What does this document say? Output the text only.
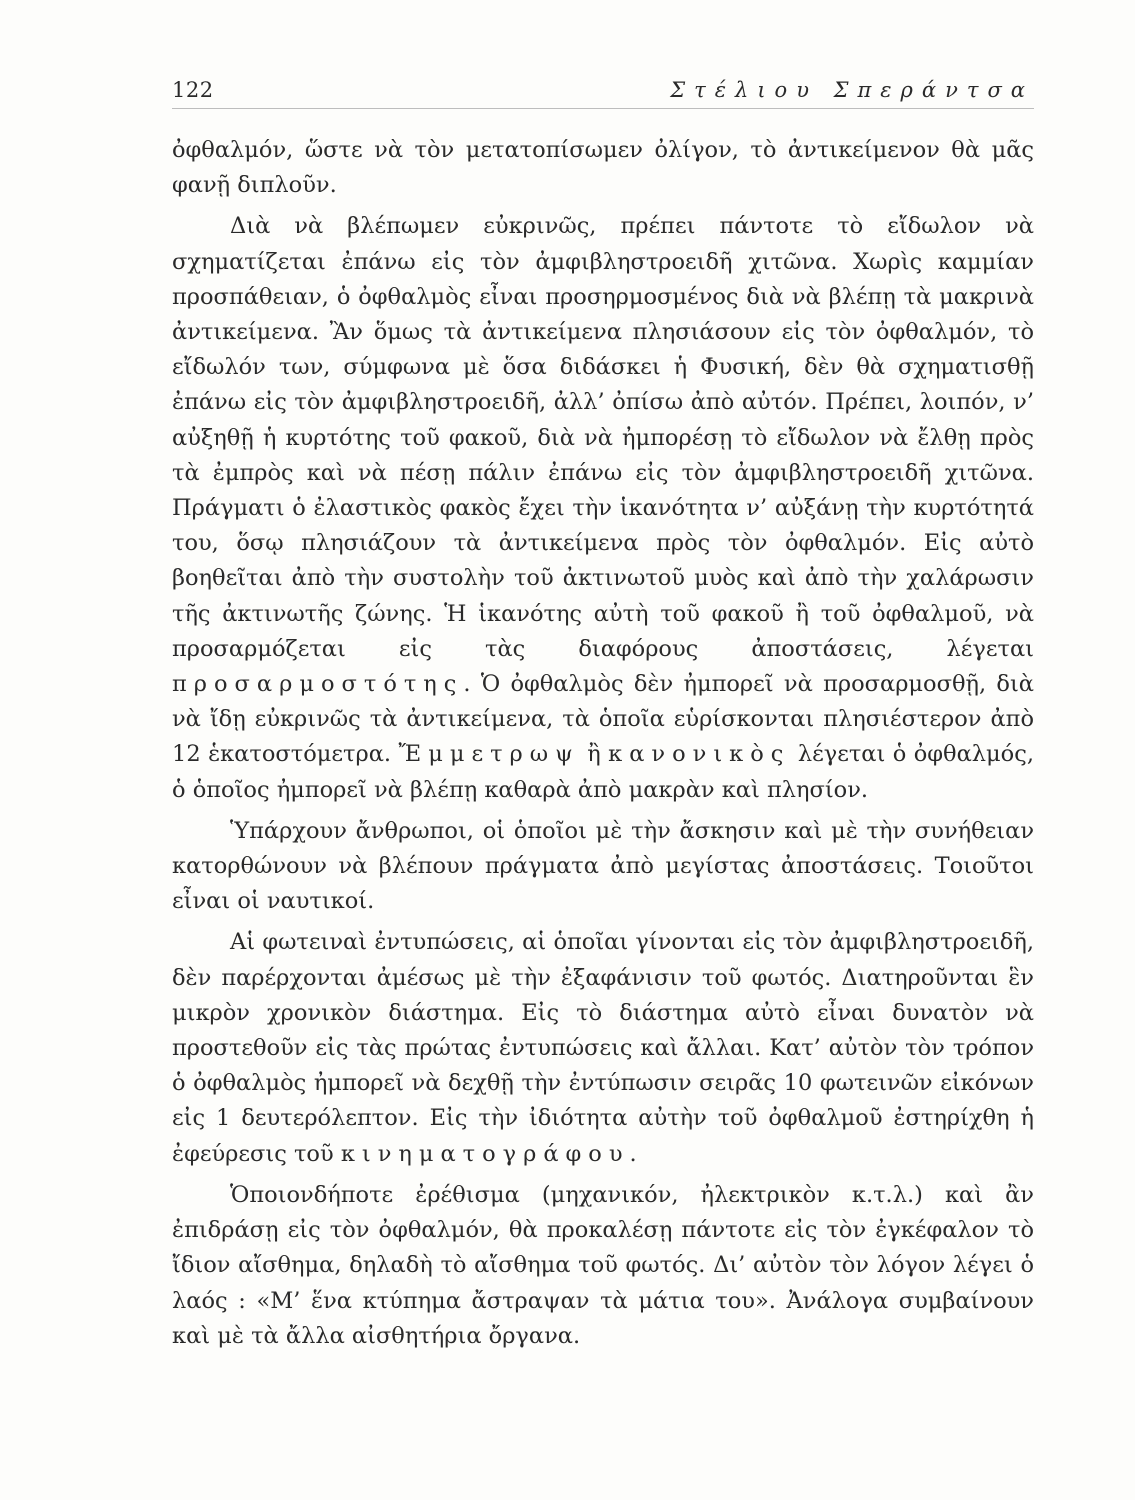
122	Στέλιου Σπεράντσα

ὀφθαλμόν, ὥστε νὰ τὸν μετατοπίσωμεν ὀλίγον, τὸ ἀντικείμενον θὰ μᾶς φανῇ διπλοῦν.

Διὰ νὰ βλέπωμεν εὐκρινῶς, πρέπει πάντοτε τὸ εἴδωλον νὰ σχηματίζεται ἐπάνω εἰς τὸν ἀμφιβληστροειδῆ χιτῶνα. Χωρὶς καμμίαν προσπάθειαν, ὁ ὀφθαλμὸς εἶναι προσηρμοσμένος διὰ νὰ βλέπῃ τὰ μακρινὰ ἀντικείμενα. Ἂν ὅμως τὰ ἀντικείμενα πλησιάσουν εἰς τὸν ὀφθαλμόν, τὸ εἴδωλόν των, σύμφωνα μὲ ὅσα διδάσκει ἡ Φυσική, δὲν θὰ σχηματισθῇ ἐπάνω εἰς τὸν ἀμφιβληστροειδῆ, ἀλλ’ ὀπίσω ἀπὸ αὐτόν. Πρέπει, λοιπόν, ν’ αὐξηθῇ ἡ κυρτότης τοῦ φακοῦ, διὰ νὰ ἠμπορέσῃ τὸ εἴδωλον νὰ ἔλθῃ πρὸς τὰ ἐμπρὸς καὶ νὰ πέσῃ πάλιν ἐπάνω εἰς τὸν ἀμφιβληστροειδῆ χιτῶνα. Πράγματι ὁ ἐλαστικὸς φακὸς ἔχει τὴν ἱκανότητα ν’ αὐξάνῃ τὴν κυρτότητά του, ὅσῳ πλησιάζουν τὰ ἀντικείμενα πρὸς τὸν ὀφθαλμόν. Εἰς αὐτὸ βοηθεῖται ἀπὸ τὴν συστολὴν τοῦ ἀκτινωτοῦ μυὸς καὶ ἀπὸ τὴν χαλάρωσιν τῆς ἀκτινωτῆς ζώνης. Ἡ ἱκανότης αὐτὴ τοῦ φακοῦ ἢ τοῦ ὀφθαλμοῦ, νὰ προσαρμόζεται εἰς τὰς διαφόρους ἀποστάσεις, λέγεται προσαρμοστότης. Ὁ ὀφθαλμὸς δὲν ἠμπορεῖ νὰ προσαρμοσθῇ, διὰ νὰ ἴδῃ εὐκρινῶς τὰ ἀντικείμενα, τὰ ὁποῖα εὑρίσκονται πλησιέστερον ἀπὸ 12 ἑκατοστόμετρα. Ἔμμετρωψ ἢ κανονικὸς λέγεται ὁ ὀφθαλμός, ὁ ὁποῖος ἠμπορεῖ νὰ βλέπῃ καθαρὰ ἀπὸ μακρὰν καὶ πλησίον.

Ὑπάρχουν ἄνθρωποι, οἱ ὁποῖοι μὲ τὴν ἄσκησιν καὶ μὲ τὴν συνήθειαν κατορθώνουν νὰ βλέπουν πράγματα ἀπὸ μεγίστας ἀποστάσεις. Τοιοῦτοι εἶναι οἱ ναυτικοί.

Αἱ φωτειναὶ ἐντυπώσεις, αἱ ὁποῖαι γίνονται εἰς τὸν ἀμφιβληστροειδῆ, δὲν παρέρχονται ἀμέσως μὲ τὴν ἐξαφάνισιν τοῦ φωτός. Διατηροῦνται ἓν μικρὸν χρονικὸν διάστημα. Εἰς τὸ διάστημα αὐτὸ εἶναι δυνατὸν νὰ προστεθοῦν εἰς τὰς πρώτας ἐντυπώσεις καὶ ἄλλαι. Κατ’ αὐτὸν τὸν τρόπον ὁ ὀφθαλμὸς ἠμπορεῖ νὰ δεχθῇ τὴν ἐντύπωσιν σειρᾶς 10 φωτεινῶν εἰκόνων εἰς 1 δευτερόλεπτον. Εἰς τὴν ἰδιότητα αὐτὴν τοῦ ὀφθαλμοῦ ἐστηρίχθη ἡ ἐφεύρεσις τοῦ κινηματογράφου.

Ὁποιονδήποτε ἐρέθισμα (μηχανικόν, ἠλεκτρικὸν κ.τ.λ.) καὶ ἂν ἐπιδράσῃ εἰς τὸν ὀφθαλμόν, θὰ προκαλέσῃ πάντοτε εἰς τὸν ἐγκέφαλον τὸ ἴδιον αἴσθημα, δηλαδὴ τὸ αἴσθημα τοῦ φωτός. Δι’ αὐτὸν τὸν λόγον λέγει ὁ λαός : «Μ’ ἕνα κτύπημα ἄστραψαν τὰ μάτια του». Ἀνάλογα συμβαίνουν καὶ μὲ τὰ ἄλλα αἰσθητήρια ὄργανα.
